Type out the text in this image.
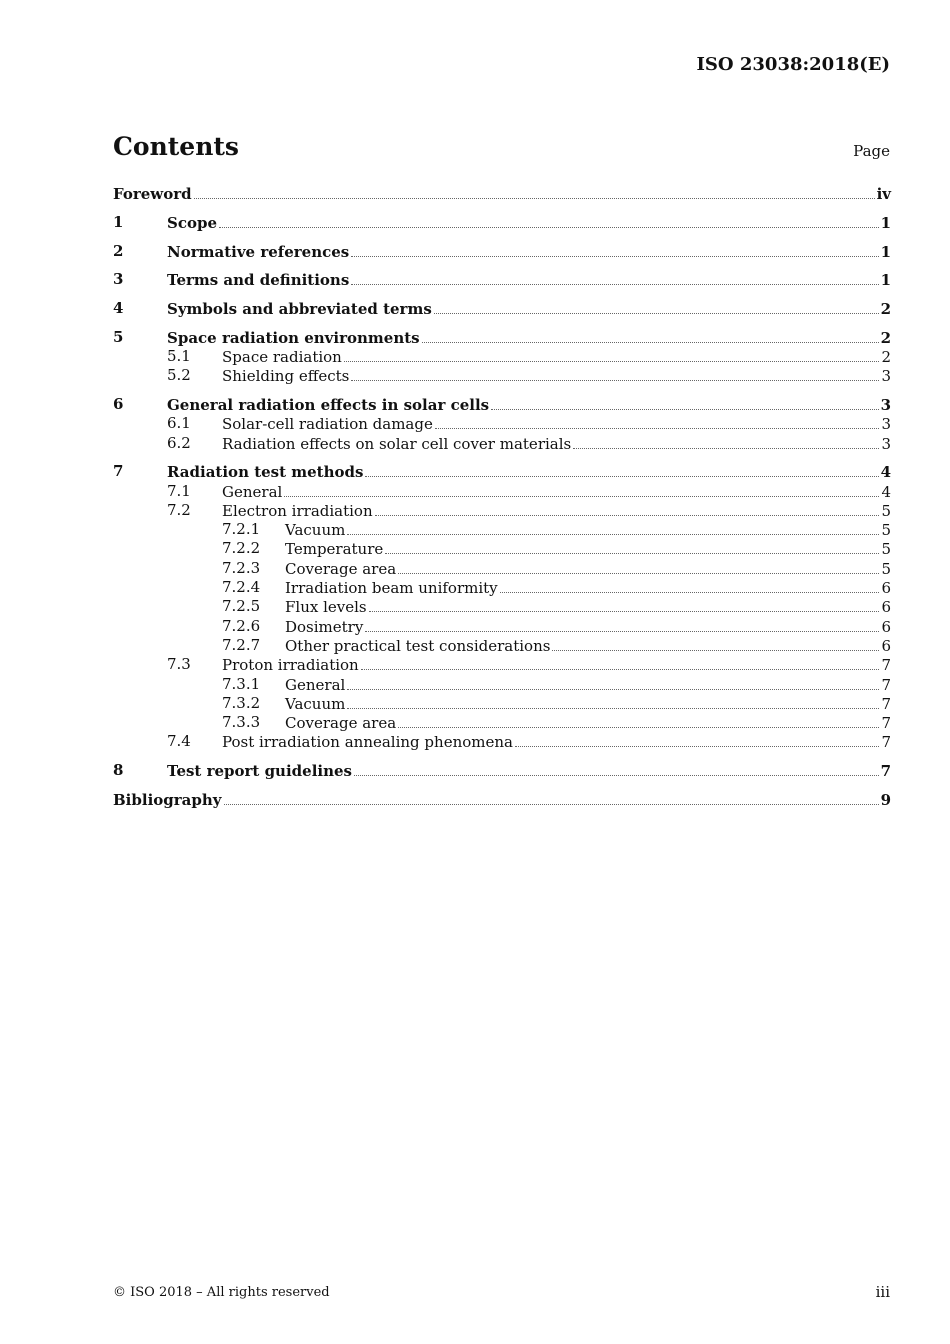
ISO 23038:2018(E)
Contents	Page
Foreword	iv
1	Scope	1
2	Normative references	1
3	Terms and definitions	1
4	Symbols and abbreviated terms	2
5	Space radiation environments	2
5.1 Space radiation	2
5.2 Shielding effects	3
6	General radiation effects in solar cells	3
6.1 Solar-cell radiation damage	3
6.2 Radiation effects on solar cell cover materials	3
7	Radiation test methods	4
7.1 General	4
7.2 Electron irradiation	5
7.2.1 Vacuum	5
7.2.2 Temperature	5
7.2.3 Coverage area	5
7.2.4 Irradiation beam uniformity	6
7.2.5 Flux levels	6
7.2.6 Dosimetry	6
7.2.7 Other practical test considerations	6
7.3 Proton irradiation	7
7.3.1 General	7
7.3.2 Vacuum	7
7.3.3 Coverage area	7
7.4 Post irradiation annealing phenomena	7
8	Test report guidelines	7
Bibliography	9
© ISO 2018 – All rights reserved	iii
